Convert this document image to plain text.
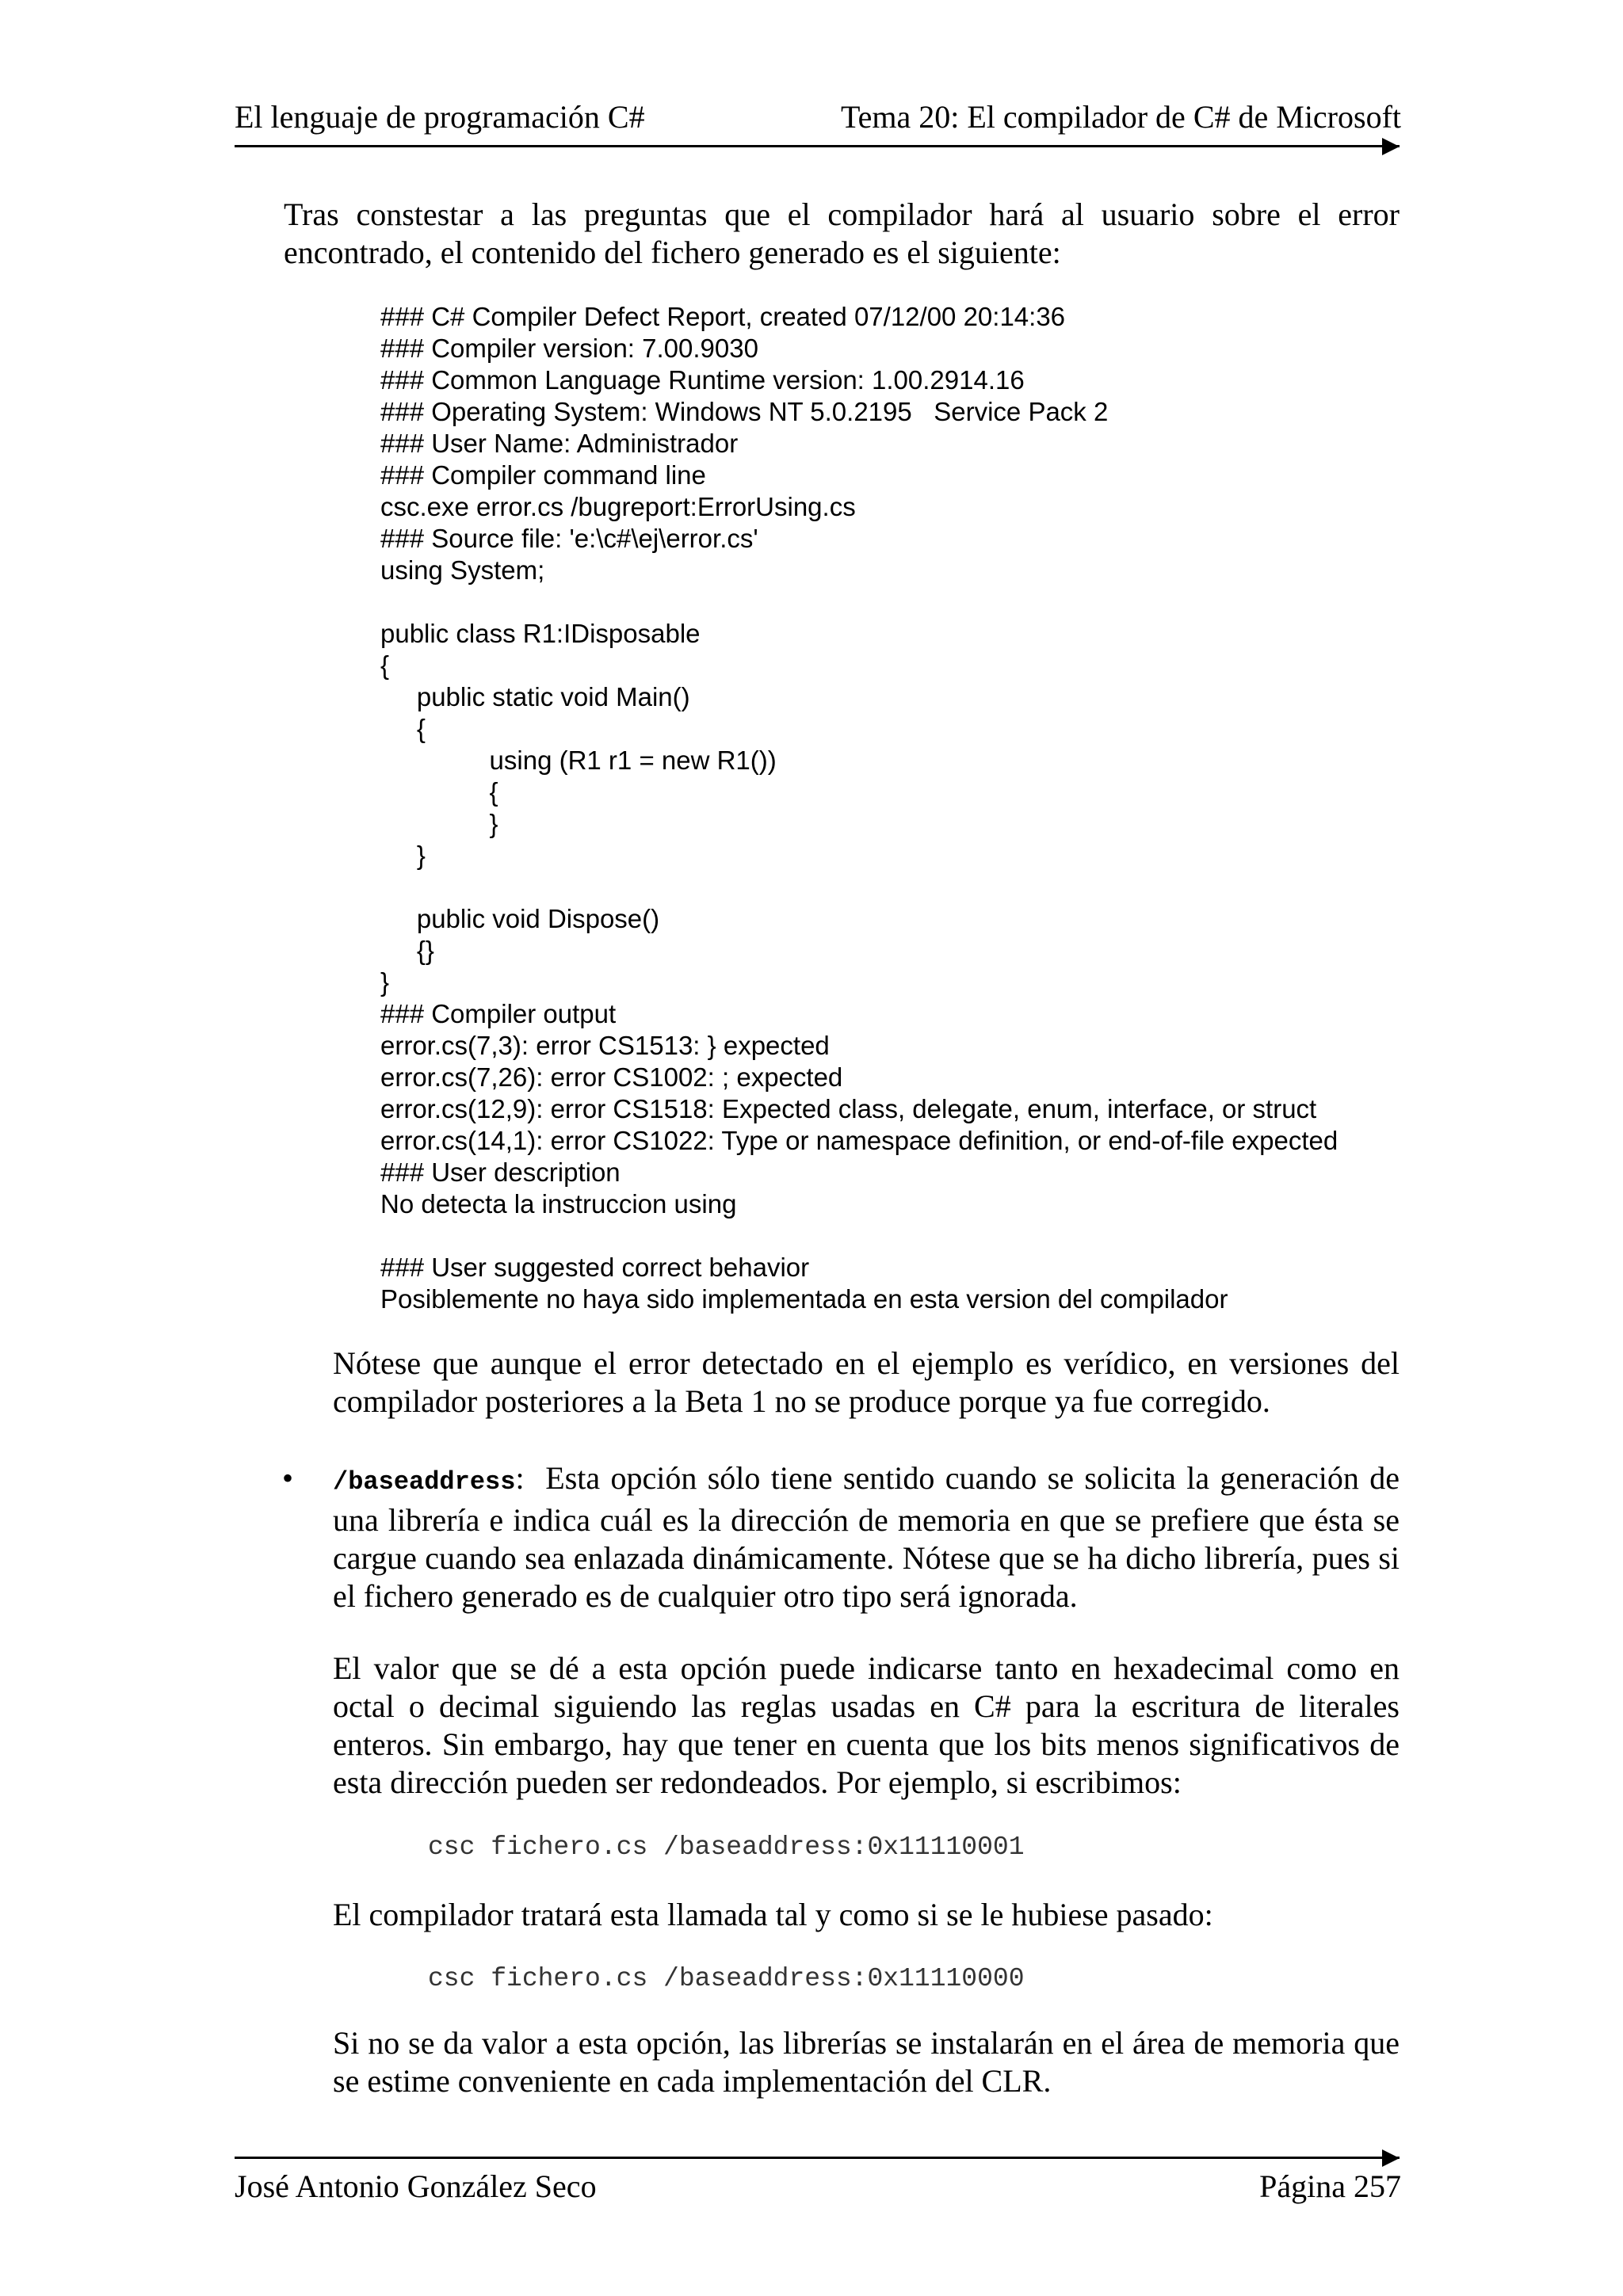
El lenguaje de programación C#	Tema 20: El compilador de C# de Microsoft
Tras constestar a las preguntas que el compilador hará al usuario sobre el error encontrado, el contenido del fichero generado es el siguiente:
### C# Compiler Defect Report, created 07/12/00 20:14:36
### Compiler version: 7.00.9030
### Common Language Runtime version: 1.00.2914.16
### Operating System: Windows NT 5.0.2195   Service Pack 2
### User Name: Administrador
### Compiler command line
csc.exe error.cs /bugreport:ErrorUsing.cs
### Source file: 'e:\c#\ej\error.cs'
using System;
public class R1:IDisposable
{
public static void Main()
{
using (R1 r1 = new R1())
{
}
}
public void Dispose()
{}
}
### Compiler output
error.cs(7,3): error CS1513: } expected
error.cs(7,26): error CS1002: ; expected
error.cs(12,9): error CS1518: Expected class, delegate, enum, interface, or struct
error.cs(14,1): error CS1022: Type or namespace definition, or end-of-file expected
### User description
No detecta la instruccion using
### User suggested correct behavior
Posiblemente no haya sido implementada en esta version del compilador
Nótese que aunque el error detectado en el ejemplo es verídico, en versiones del compilador posteriores a la Beta 1 no se produce porque ya fue corregido.
• /baseaddress: Esta opción sólo tiene sentido cuando se solicita la generación de una librería e indica cuál es la dirección de memoria en que se prefiere que ésta se cargue cuando sea enlazada dinámicamente. Nótese que se ha dicho librería, pues si el fichero generado es de cualquier otro tipo será ignorada.
El valor que se dé a esta opción puede indicarse tanto en hexadecimal como en octal o decimal siguiendo las reglas usadas en C# para la escritura de literales enteros. Sin embargo, hay que tener en cuenta que los bits menos significativos de esta dirección pueden ser redondeados. Por ejemplo, si escribimos:
csc fichero.cs /baseaddress:0x11110001
El compilador tratará esta llamada tal y como si se le hubiese pasado:
csc fichero.cs /baseaddress:0x11110000
Si no se da valor a esta opción, las librerías se instalarán en el área de memoria que se estime conveniente en cada implementación del CLR.
José Antonio González Seco	Página 257
